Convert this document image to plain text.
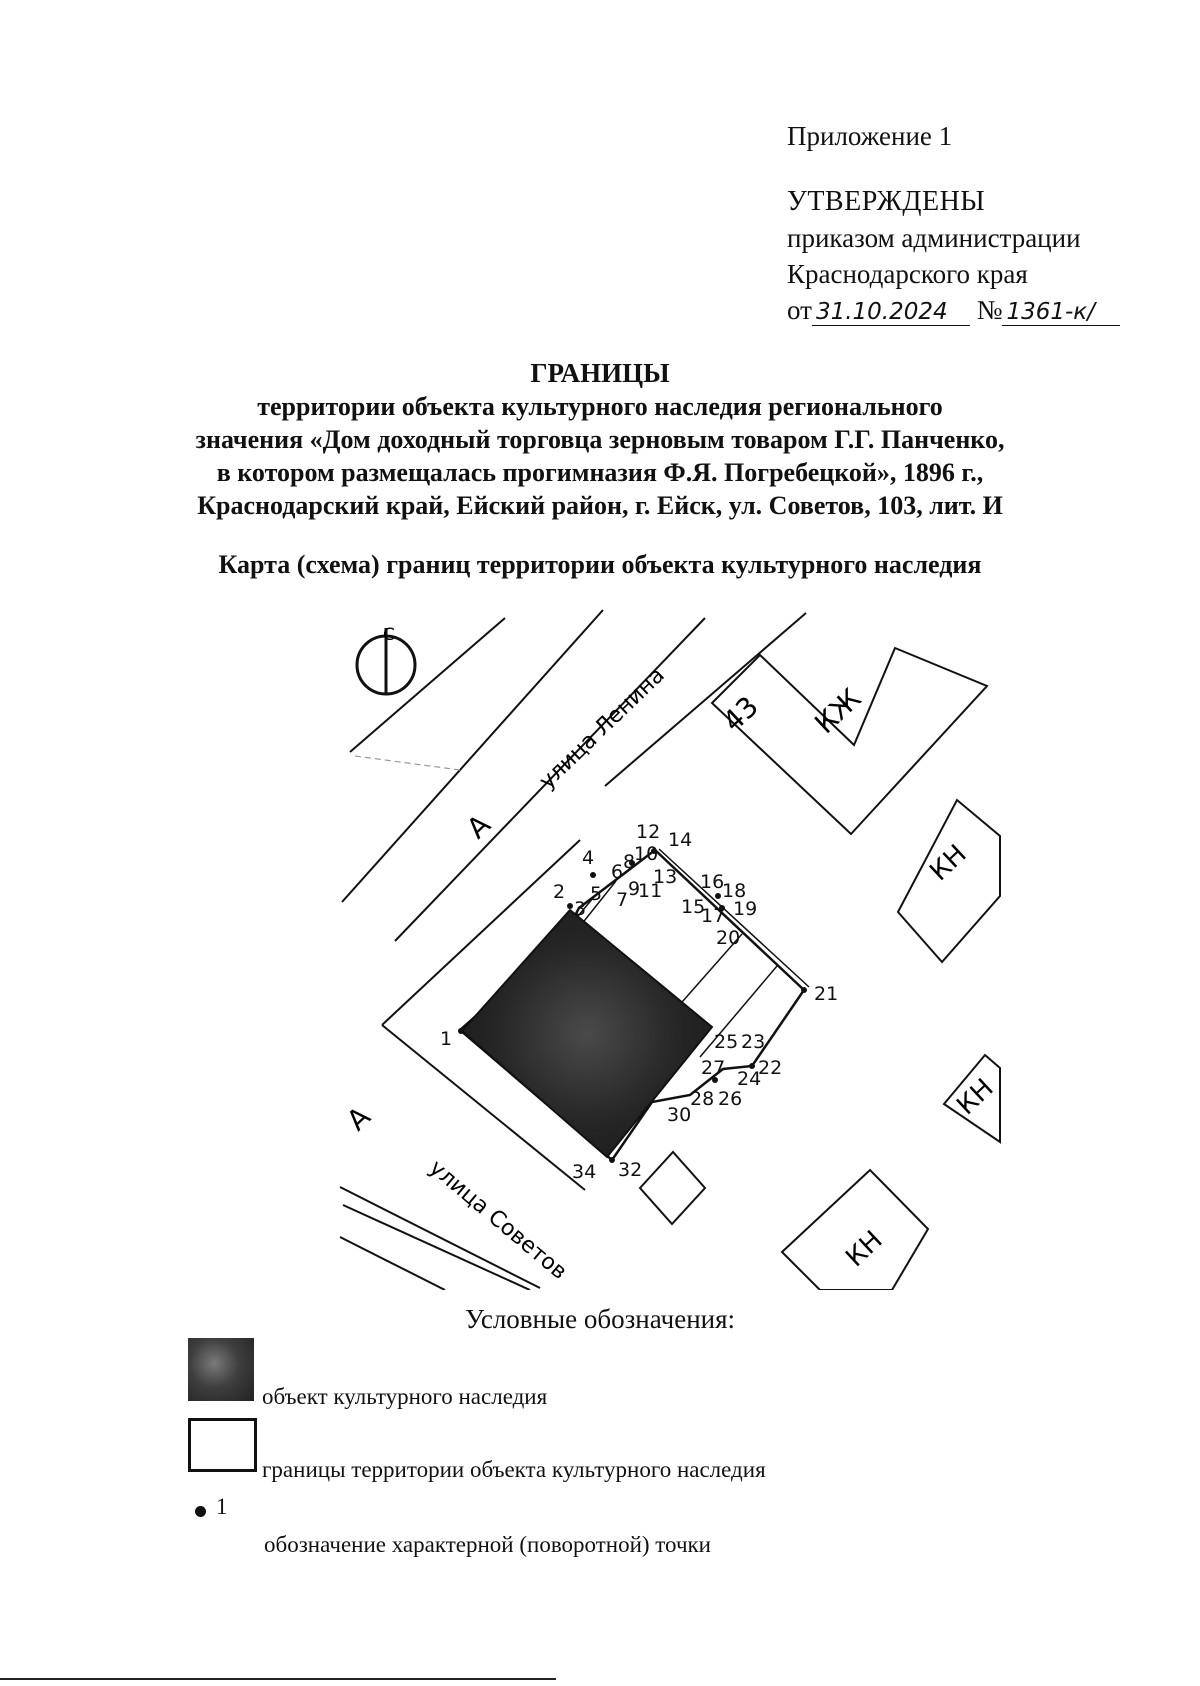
Приложение 1
УТВЕРЖДЕНЫ
приказом администрации
Краснодарского края
от 31.10.2024 № 1361-к/
ГРАНИЦЫ
территории объекта культурного наследия регионального
значения «Дом доходный торговца зерновым товаром Г.Г. Панченко,
в котором размещалась прогимназия Ф.Я. Погребецкой», 1896 г.,
Краснодарский край, Ейский район, г. Ейск, ул. Советов, 103, лит. И
Карта (схема) границ территории объекта культурного наследия
С
улица Ленина
улица Советов
А
А
43 КЖ
КН
КН
КН
1
2
3
4
5
6
7
8
9
10
11
12
13
14
15
16
17
18
19
20
21
22
23
24
25
26
27
28
30
32
34
Условные обозначения:
объект культурного наследия
границы территории объекта культурного наследия
1
обозначение характерной (поворотной) точки
